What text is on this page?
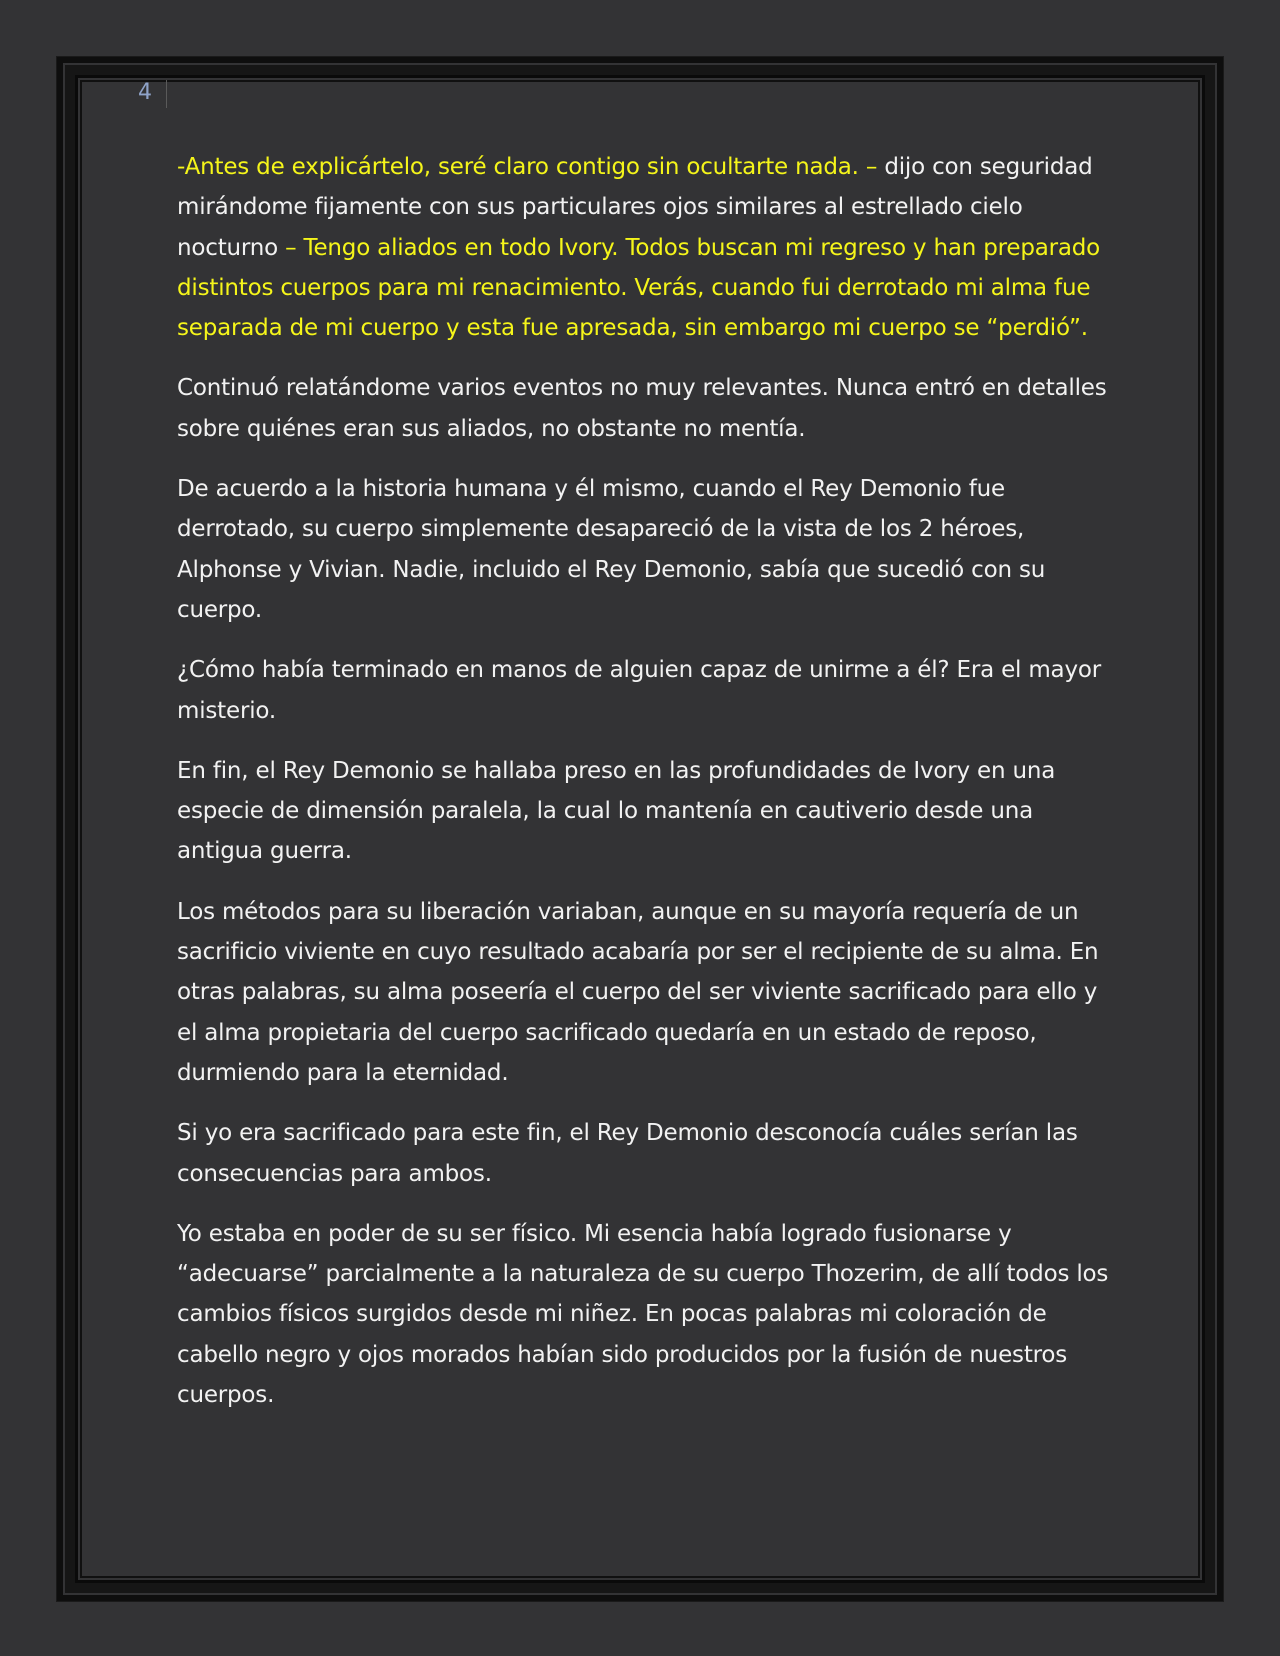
4

-Antes de explicártelo, seré claro contigo sin ocultarte nada. – dijo con seguridad mirándome fijamente con sus particulares ojos similares al estrellado cielo nocturno – Tengo aliados en todo Ivory. Todos buscan mi regreso y han preparado distintos cuerpos para mi renacimiento. Verás, cuando fui derrotado mi alma fue separada de mi cuerpo y esta fue apresada, sin embargo mi cuerpo se “perdió”.

Continuó relatándome varios eventos no muy relevantes. Nunca entró en detalles sobre quiénes eran sus aliados, no obstante no mentía.

De acuerdo a la historia humana y él mismo, cuando el Rey Demonio fue derrotado, su cuerpo simplemente desapareció de la vista de los 2 héroes, Alphonse y Vivian. Nadie, incluido el Rey Demonio, sabía que sucedió con su cuerpo.

¿Cómo había terminado en manos de alguien capaz de unirme a él? Era el mayor misterio.

En fin, el Rey Demonio se hallaba preso en las profundidades de Ivory en una especie de dimensión paralela, la cual lo mantenía en cautiverio desde una antigua guerra.

Los métodos para su liberación variaban, aunque en su mayoría requería de un sacrificio viviente en cuyo resultado acabaría por ser el recipiente de su alma. En otras palabras, su alma poseería el cuerpo del ser viviente sacrificado para ello y el alma propietaria del cuerpo sacrificado quedaría en un estado de reposo, durmiendo para la eternidad.

Si yo era sacrificado para este fin, el Rey Demonio desconocía cuáles serían las consecuencias para ambos.

Yo estaba en poder de su ser físico. Mi esencia había logrado fusionarse y “adecuarse” parcialmente a la naturaleza de su cuerpo Thozerim, de allí todos los cambios físicos surgidos desde mi niñez. En pocas palabras mi coloración de cabello negro y ojos morados habían sido producidos por la fusión de nuestros cuerpos.
